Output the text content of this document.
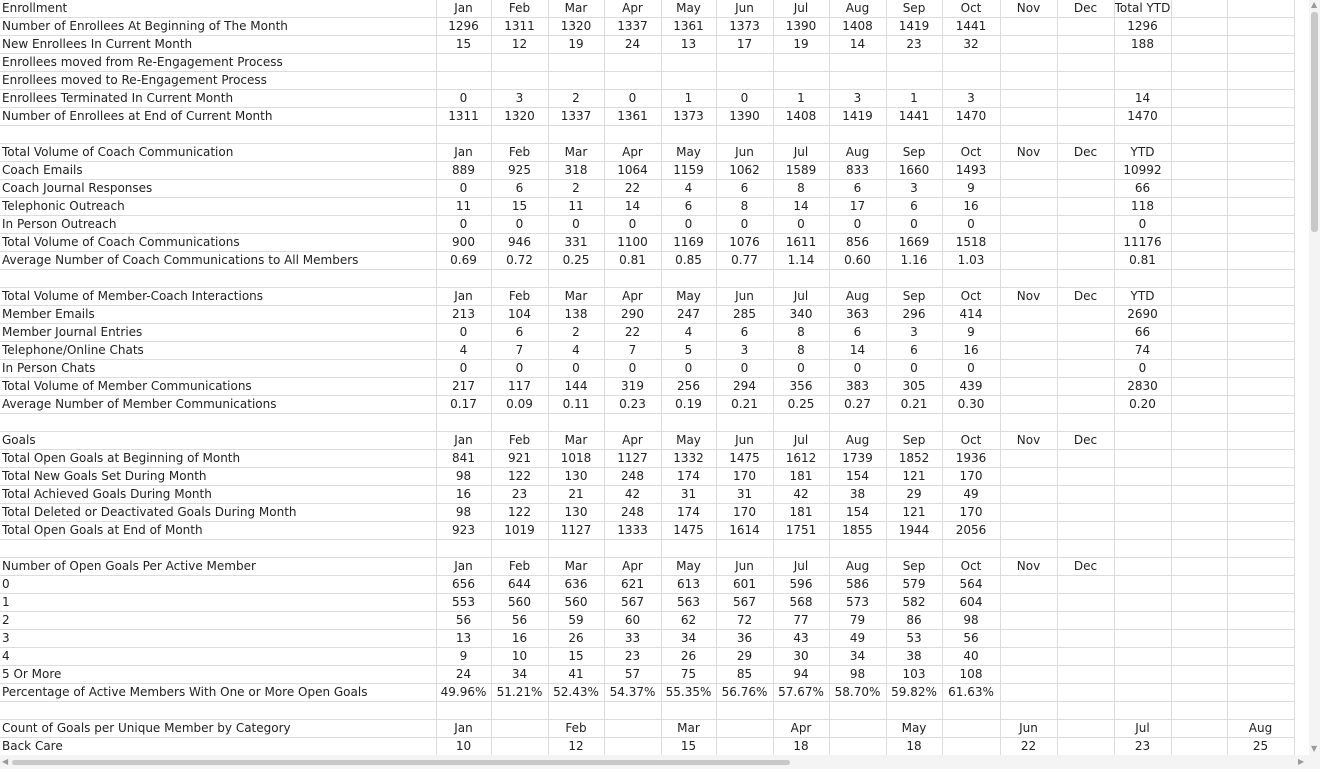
Enrollment	Jan	Feb	Mar	Apr	May	Jun	Jul	Aug	Sep	Oct	Nov	Dec	Total YTD		
Number of Enrollees At Beginning of The Month	1296	1311	1320	1337	1361	1373	1390	1408	1419	1441			1296		
New Enrollees In Current Month	15	12	19	24	13	17	19	14	23	32			188		
Enrollees moved from Re-Engagement Process															
Enrollees moved to Re-Engagement Process															
Enrollees Terminated In Current Month	0	3	2	0	1	0	1	3	1	3			14		
Number of Enrollees at End of Current Month	1311	1320	1337	1361	1373	1390	1408	1419	1441	1470			1470		

Total Volume of Coach Communication	Jan	Feb	Mar	Apr	May	Jun	Jul	Aug	Sep	Oct	Nov	Dec	YTD		
Coach Emails	889	925	318	1064	1159	1062	1589	833	1660	1493			10992		
Coach Journal Responses	0	6	2	22	4	6	8	6	3	9			66		
Telephonic Outreach	11	15	11	14	6	8	14	17	6	16			118		
In Person Outreach	0	0	0	0	0	0	0	0	0	0			0		
Total Volume of Coach Communications	900	946	331	1100	1169	1076	1611	856	1669	1518			11176		
Average Number of Coach Communications to All Members	0.69	0.72	0.25	0.81	0.85	0.77	1.14	0.60	1.16	1.03			0.81		

Total Volume of Member-Coach Interactions	Jan	Feb	Mar	Apr	May	Jun	Jul	Aug	Sep	Oct	Nov	Dec	YTD		
Member Emails	213	104	138	290	247	285	340	363	296	414			2690		
Member Journal Entries	0	6	2	22	4	6	8	6	3	9			66		
Telephone/Online Chats	4	7	4	7	5	3	8	14	6	16			74		
In Person Chats	0	0	0	0	0	0	0	0	0	0			0		
Total Volume of Member Communications	217	117	144	319	256	294	356	383	305	439			2830		
Average Number of Member Communications	0.17	0.09	0.11	0.23	0.19	0.21	0.25	0.27	0.21	0.30			0.20		

Goals	Jan	Feb	Mar	Apr	May	Jun	Jul	Aug	Sep	Oct	Nov	Dec			
Total Open Goals at Beginning of Month	841	921	1018	1127	1332	1475	1612	1739	1852	1936					
Total New Goals Set During Month	98	122	130	248	174	170	181	154	121	170					
Total Achieved Goals During Month	16	23	21	42	31	31	42	38	29	49					
Total Deleted or Deactivated Goals During Month	98	122	130	248	174	170	181	154	121	170					
Total Open Goals at End of Month	923	1019	1127	1333	1475	1614	1751	1855	1944	2056					

Number of Open Goals Per Active Member	Jan	Feb	Mar	Apr	May	Jun	Jul	Aug	Sep	Oct	Nov	Dec			
0	656	644	636	621	613	601	596	586	579	564					
1	553	560	560	567	563	567	568	573	582	604					
2	56	56	59	60	62	72	77	79	86	98					
3	13	16	26	33	34	36	43	49	53	56					
4	9	10	15	23	26	29	30	34	38	40					
5 Or More	24	34	41	57	75	85	94	98	103	108					
Percentage of Active Members With One or More Open Goals	49.96%	51.21%	52.43%	54.37%	55.35%	56.76%	57.67%	58.70%	59.82%	61.63%					

Count of Goals per Unique Member by Category	Jan		Feb		Mar		Apr		May		Jun		Jul		Aug
Back Care	10		12		15		18		18		22		23		25
▲
▼
◀	▶
